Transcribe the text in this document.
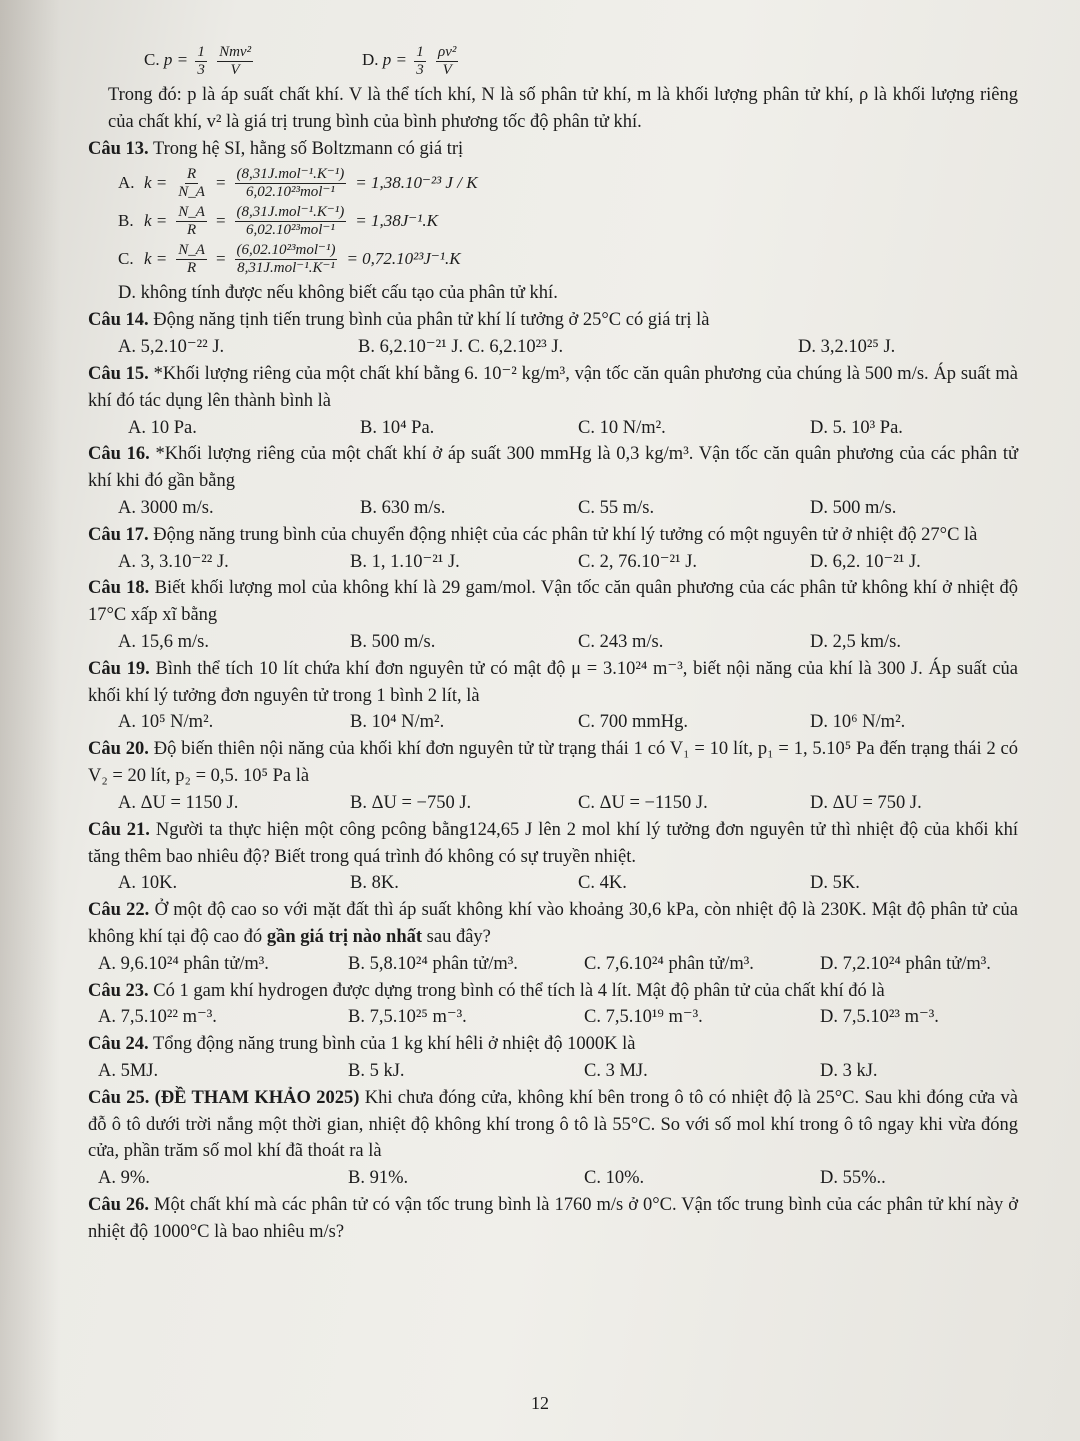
C. $p = \frac{1}{3}$
$\frac{\text{Nmv²}}{V}$	D. $p = \frac{1}{3}$
$\frac{\text{ρv²}}{V}$

Trong đó: p là áp suất chất khí. V là thể tích khí, N là số phân tử khí, m là khối lượng phân tử khí, ρ là khối lượng riêng của chất khí, v² là giá trị trung bình của bình phương tốc độ phân tử khí.

Câu 13. Trong hệ SI, hằng số Boltzmann có giá trị

A. $k = \frac{R}{N\_A} = \frac{\text{(8,31J.mol⁻¹.K⁻¹)}}{\text{6,02.10²³mol⁻¹}} = 1,38.10^{-23}$ J / K
B. $k = \frac{N\_A}{R} = \frac{\text{(8,31J.mol⁻¹.K⁻¹)}}{\text{6,02.10²³mol⁻¹}} = 1,38J^{-1}.K$
C. $k = \frac{N\_A}{R} = \frac{\text{(6,02.10²³mol⁻¹)}}{\text{8,31J.mol⁻¹.K⁻¹}} = 0,72.10^{23}J^{-1}.K$

D. không tính được nếu không biết cấu tạo của phân tử khí.

Câu 14. Động năng tịnh tiến trung bình của phân tử khí lí tưởng ở 25°C có giá trị là

A. 5,2.10⁻²² J.	B. 6,2.10⁻²¹ J. C. 6,2.10²³ J.	D. 3,2.10²⁵ J.

Câu 15. *Khối lượng riêng của một chất khí bằng 6. 10⁻² kg/m³, vận tốc căn quân phương của chúng là 500 m/s. Áp suất mà khí đó tác dụng lên thành bình là

A. 10 Pa.	B. 10⁴ Pa.	C. 10 N/m².	D. 5. 10³ Pa.

Câu 16. *Khối lượng riêng của một chất khí ở áp suất 300 mmHg là 0,3 kg/m³. Vận tốc căn quân phương của các phân tử khí khi đó gần bằng

A. 3000 m/s.	B. 630 m/s.	C. 55 m/s.	D. 500 m/s.

Câu 17. Động năng trung bình của chuyển động nhiệt của các phân tử khí lý tưởng có một nguyên tử ở nhiệt độ 27°C là

A. 3, 3.10⁻²² J.	B. 1, 1.10⁻²¹ J.	C. 2, 76.10⁻²¹ J.	D. 6,2. 10⁻²¹ J.

Câu 18. Biết khối lượng mol của không khí là 29 gam/mol. Vận tốc căn quân phương của các phân tử không khí ở nhiệt độ 17°C xấp xĩ bằng

A. 15,6 m/s.	B. 500 m/s.	C. 243 m/s.	D. 2,5 km/s.

Câu 19. Bình thể tích 10 lít chứa khí đơn nguyên tử có mật độ μ = 3.10²⁴ m⁻³, biết nội năng của khí là 300 J. Áp suất của khối khí lý tưởng đơn nguyên tử trong 1 bình 2 lít, là

A. 10⁵ N/m².	B. 10⁴ N/m².	C. 700 mmHg.	D. 10⁶ N/m².

Câu 20. Độ biến thiên nội năng của khối khí đơn nguyên tử từ trạng thái 1 có V₁ = 10 lít, p₁ = 1, 5.10⁵ Pa đến trạng thái 2 có V₂ = 20 lít, p₂ = 0,5. 10⁵ Pa là

A. ΔU = 1150 J.	B. ΔU = −750 J.	C. ΔU = −1150 J.	D. ΔU = 750 J.

Câu 21. Người ta thực hiện một công pcông bằng124,65 J lên 2 mol khí lý tưởng đơn nguyên tử thì nhiệt độ của khối khí tăng thêm bao nhiêu độ? Biết trong quá trình đó không có sự truyền nhiệt.

A. 10K.	B. 8K.	C. 4K.	D. 5K.

Câu 22. Ở một độ cao so với mặt đất thì áp suất không khí vào khoảng 30,6 kPa, còn nhiệt độ là 230K. Mật độ phân tử của không khí tại độ cao đó gần giá trị nào nhất sau đây?

A. 9,6.10²⁴ phân tử/m³.	B. 5,8.10²⁴ phân tử/m³.	C. 7,6.10²⁴ phân tử/m³.	D. 7,2.10²⁴ phân tử/m³.

Câu 23. Có 1 gam khí hydrogen được dựng trong bình có thể tích là 4 lít. Mật độ phân tử của chất khí đó là

A. 7,5.10²² m⁻³.	B. 7,5.10²⁵ m⁻³.	C. 7,5.10¹⁹ m⁻³.	D. 7,5.10²³ m⁻³.

Câu 24. Tổng động năng trung bình của 1 kg khí hêli ở nhiệt độ 1000K là

A. 5MJ.	B. 5 kJ.	C. 3 MJ.	D. 3 kJ.

Câu 25. (ĐỀ THAM KHẢO 2025) Khi chưa đóng cửa, không khí bên trong ô tô có nhiệt độ là 25°C. Sau khi đóng cửa và đỗ ô tô dưới trời nắng một thời gian, nhiệt độ không khí trong ô tô là 55°C. So với số mol khí trong ô tô ngay khi vừa đóng cửa, phần trăm số mol khí đã thoát ra là

A. 9%.	B. 91%.	C. 10%.	D. 55%..

Câu 26. Một chất khí mà các phân tử có vận tốc trung bình là 1760 m/s ở 0°C. Vận tốc trung bình của các phân tử khí này ở nhiệt độ 1000°C là bao nhiêu m/s?

12
